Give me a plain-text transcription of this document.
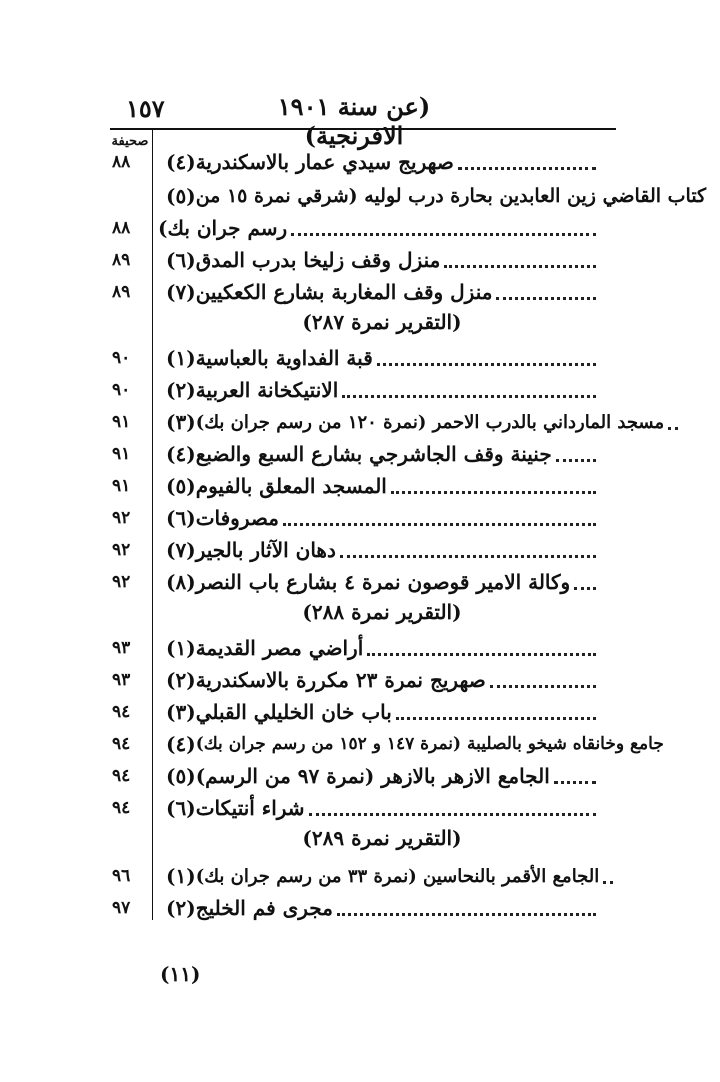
١٥٧	(عن سنة ١٩٠١ الافرنجية)
صحيفة
٨٨	(٤) صهريج سيدي عمار بالاسكندرية
(٥) كتاب القاضي زين العابدين بحارة درب لوليه (شرقي نمرة ١٥ من
٨٨	رسم جران بك)
٨٩	(٦) منزل وقف زليخا بدرب المدق
٨٩	(٧) منزل وقف المغاربة بشارع الكعكيين
(التقرير نمرة ٢٨٧)
٩٠	(١) قبة الفداوية بالعباسية
٩٠	(٢) الانتيكخانة العربية
٩١	(٣) مسجد المارداني بالدرب الاحمر (نمرة ١٢٠ من رسم جران بك)
٩١	(٤) جنينة وقف الجاشرجي بشارع السبع والضبع
٩١	(٥) المسجد المعلق بالفيوم
٩٢	(٦) مصروفات
٩٢	(٧) دهان الآثار بالجير
٩٢	(٨) وكالة الامير قوصون نمرة ٤ بشارع باب النصر
(التقرير نمرة ٢٨٨)
٩٣	(١) أراضي مصر القديمة
٩٣	(٢) صهريج نمرة ٢٣ مكررة بالاسكندرية
٩٤	(٣) باب خان الخليلي القبلي
٩٤	(٤) جامع وخانقاه شيخو بالصليبة (نمرة ١٤٧ و ١٥٢ من رسم جران بك)
٩٤	(٥) الجامع الازهر بالازهر (نمرة ٩٧ من الرسم)
٩٤	(٦) شراء أنتيكات
(التقرير نمرة ٢٨٩)
٩٦	(١) الجامع الأقمر بالنحاسين (نمرة ٣٣ من رسم جران بك)
٩٧	(٢) مجرى فم الخليج
(١١)
